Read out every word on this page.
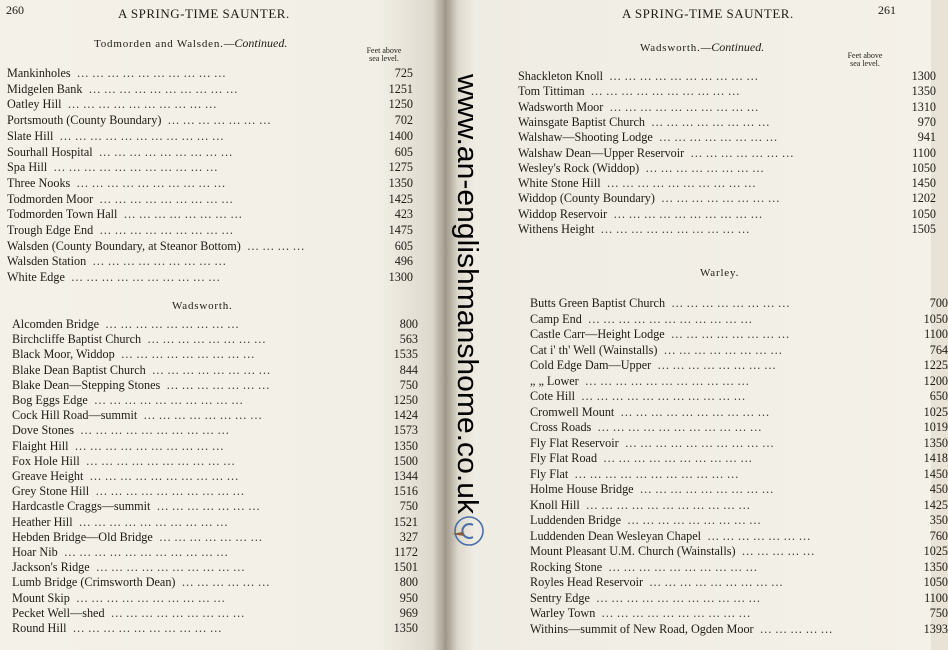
260	A SPRING-TIME SAUNTER.
Todmorden and Walsden.—Continued.
Feet above sea level.
Mankinholes … … … … … … … … … …	725
Midgelen Bank … … … … … … … … … …	1251
Oatley Hill … … … … … … … … … …	1250
Portsmouth (County Boundary) … … … … … … …	702
Slate Hill … … … … … … … … … … …	1400
Sourhall Hospital … … … … … … … … …	605
Spa Hill … … … … … … … … … … …	1275
Three Nooks … … … … … … … … … …	1350
Todmorden Moor … … … … … … … … …	1425
Todmorden Town Hall … … … … … … … …	423
Trough Edge End … … … … … … … … …	1475
Walsden (County Boundary, at Steanor Bottom) … … … …	605
Walsden Station … … … … … … … … …	496
White Edge … … … … … … … … … …	1300
Wadsworth.
Alcomden Bridge … … … … … … … … …	800
Birchcliffe Baptist Church … … … … … … … …	563
Black Moor, Widdop … … … … … … … … …	1535
Blake Dean Baptist Church … … … … … … … …	844
Blake Dean—Stepping Stones … … … … … … …	750
Bog Eggs Edge … … … … … … … … … …	1250
Cock Hill Road—summit … … … … … … … …	1424
Dove Stones … … … … … … … … … …	1573
Flaight Hill … … … … … … … … … …	1350
Fox Hole Hill … … … … … … … … … …	1500
Greave Height … … … … … … … … … …	1344
Grey Stone Hill … … … … … … … … … …	1516
Hardcastle Craggs—summit … … … … … … …	750
Heather Hill … … … … … … … … … …	1521
Hebden Bridge—Old Bridge … … … … … … …	327
Hoar Nib … … … … … … … … … … …	1172
Jackson's Ridge … … … … … … … … … …	1501
Lumb Bridge (Crimsworth Dean) … … … … … …	800
Mount Skip … … … … … … … … … …	950
Pecket Well—shed … … … … … … … … …	969
Round Hill … … … … … … … … … …	1350
A SPRING-TIME SAUNTER.	261
Wadsworth.—Continued.
Feet above sea level.
Shackleton Knoll … … … … … … … … … …	1300
Tom Tittiman … … … … … … … … … …	1350
Wadsworth Moor … … … … … … … … … …	1310
Wainsgate Baptist Church … … … … … … … …	970
Walshaw—Shooting Lodge … … … … … … … …	941
Walshaw Dean—Upper Reservoir … … … … … … …	1100
Wesley's Rock (Widdop) … … … … … … … …	1050
White Stone Hill … … … … … … … … … …	1450
Widdop (County Boundary) … … … … … … … …	1202
Widdop Reservoir … … … … … … … … … …	1050
Withens Height … … … … … … … … … …	1505
Warley.
Butts Green Baptist Church … … … … … … … …	700
Camp End … … … … … … … … … … …	1050
Castle Carr—Height Lodge … … … … … … … …	1100
Cat i' th' Well (Wainstalls) … … … … … … … …	764
Cold Edge Dam—Upper … … … … … … … …	1225
„ „ Lower … … … … … … … … … … …	1200
Cote Hill … … … … … … … … … … …	650
Cromwell Mount … … … … … … … … … …	1025
Cross Roads … … … … … … … … … … …	1019
Fly Flat Reservoir … … … … … … … … … …	1350
Fly Flat Road … … … … … … … … … …	1418
Fly Flat … … … … … … … … … … …	1450
Holme House Bridge … … … … … … … … …	450
Knoll Hill … … … … … … … … … … …	1425
Luddenden Bridge … … … … … … … … …	350
Luddenden Dean Wesleyan Chapel … … … … … … …	760
Mount Pleasant U.M. Church (Wainstalls) … … … … …	1025
Rocking Stone … … … … … … … … … …	1350
Royles Head Reservoir … … … … … … … … …	1050
Sentry Edge … … … … … … … … … … …	1100
Warley Town … … … … … … … … … …	750
Withins—summit of New Road, Ogden Moor … … … … …	1393
www.an-englishmanshome.co.uk
